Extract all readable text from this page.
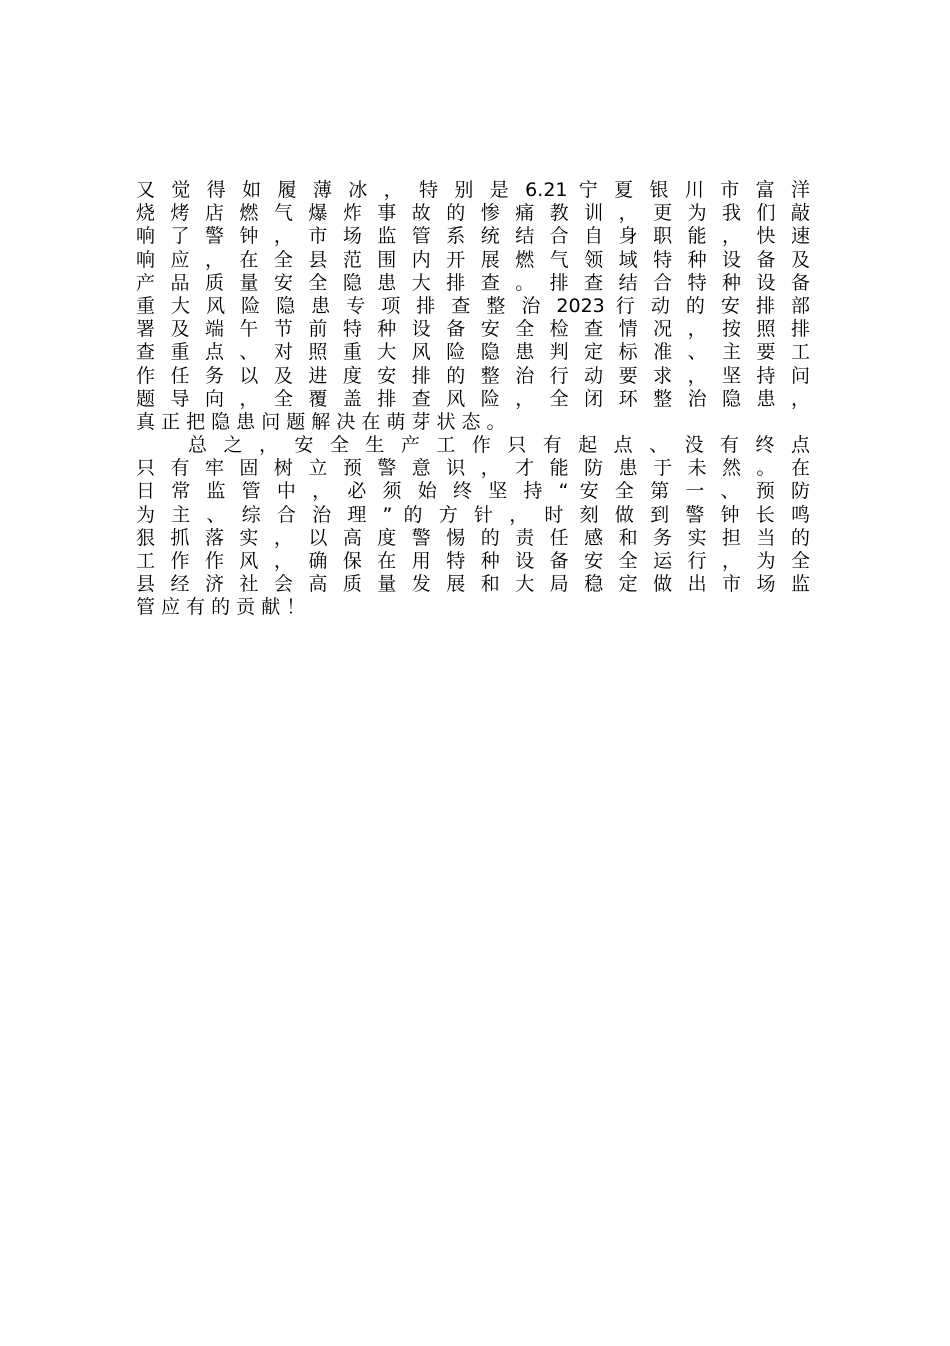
又 觉 得 如 履 薄 冰 ， 特 别 是 6.21 宁 夏 银 川 市 富 洋
烧 烤 店 燃 气 爆 炸 事 故 的 惨 痛 教 训 ， 更 为 我 们 敲
响 了 警 钟 ， 市 场 监 管 系 统 结 合 自 身 职 能 ， 快 速
响 应 ， 在 全 县 范 围 内 开 展 燃 气 领 域 特 种 设 备 及
产 品 质 量 安 全 隐 患 大 排 查 。 排 查 结 合 特 种 设 备
重 大 风 险 隐 患 专 项 排 查 整 治 2023 行 动 的 安 排 部
署 及 端 午 节 前 特 种 设 备 安 全 检 查 情 况 ， 按 照 排
查 重 点 、 对 照 重 大 风 险 隐 患 判 定 标 准 、 主 要 工
作 任 务 以 及 进 度 安 排 的 整 治 行 动 要 求 ， 坚 持 问
题 导 向 ， 全 覆 盖 排 查 风 险 ， 全 闭 环 整 治 隐 患 ，
真 正 把 隐 患 问 题 解 决 在 萌 芽 状 态 。
总 之 ， 安 全 生 产 工 作 只 有 起 点 、 没 有 终 点
只 有 牢 固 树 立 预 警 意 识 ， 才 能 防 患 于 未 然 。 在
日 常 监 管 中 ， 必 须 始 终 坚 持 “ 安 全 第 一 、 预 防
为 主 、 综 合 治 理 ” 的 方 针 ， 时 刻 做 到 警 钟 长 鸣
狠 抓 落 实 ， 以 高 度 警 惕 的 责 任 感 和 务 实 担 当 的
工 作 作 风 ， 确 保 在 用 特 种 设 备 安 全 运 行 ， 为 全
县 经 济 社 会 高 质 量 发 展 和 大 局 稳 定 做 出 市 场 监
管 应 有 的 贡 献 ！
